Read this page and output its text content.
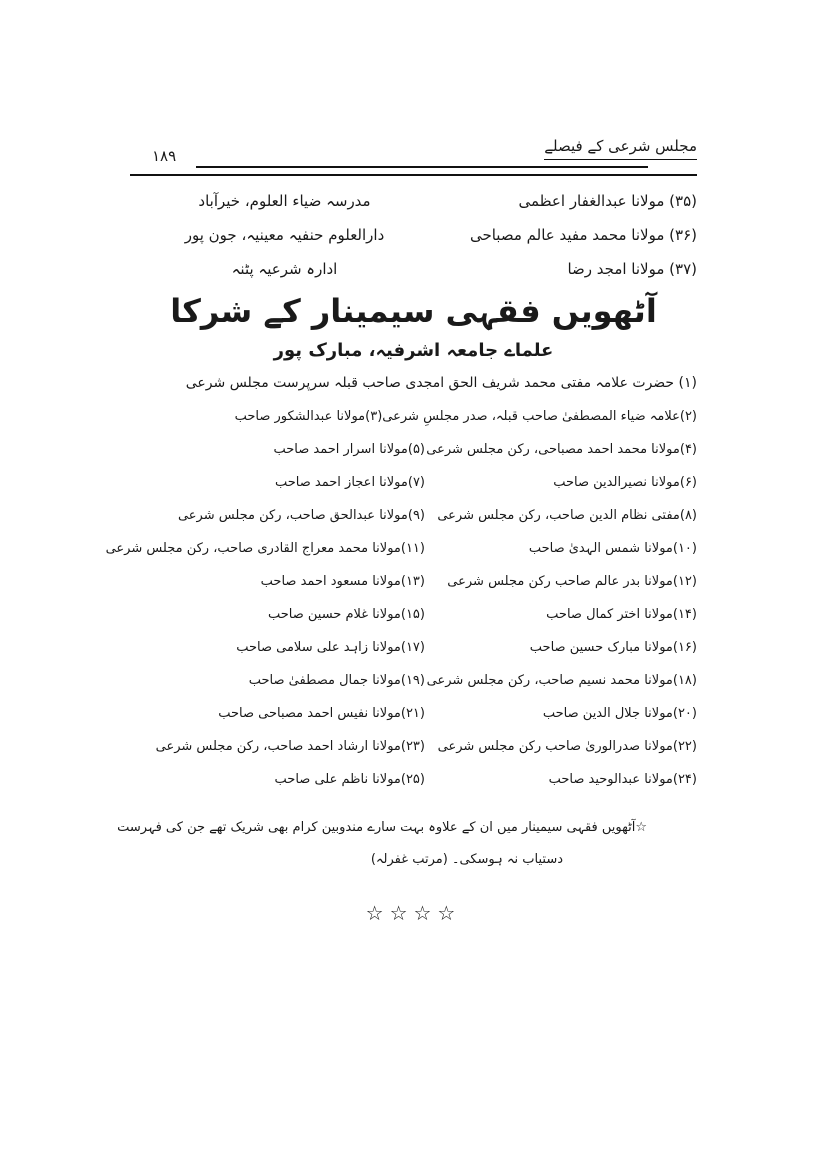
مجلس شرعی کے فیصلے
۱۸۹
(۳۵) مولانا عبدالغفار اعظمی
مدرسہ ضیاء العلوم، خیرآباد
(۳۶) مولانا محمد مفید عالم مصباحی
دارالعلوم حنفیہ معینیہ، جون پور
(۳۷) مولانا امجد رضا
ادارہ شرعیہ پٹنہ
آٹھویں فقہی سیمینار کے شرکا
علماے جامعہ اشرفیہ، مبارک پور
(۱) حضرت علامہ مفتی محمد شریف الحق امجدی صاحب قبلہ سرپرست مجلس شرعی
(۲)علامہ ضیاء المصطفیٰ صاحب قبلہ، صدر مجلسِ شرعی
(۳)مولانا عبدالشکور صاحب
(۴)مولانا محمد احمد مصباحی، رکن مجلس شرعی
(۵)مولانا اسرار احمد صاحب
(۶)مولانا نصیرالدین صاحب
(۷)مولانا اعجاز احمد صاحب
(۸)مفتی نظام الدین صاحب، رکن مجلس شرعی
(۹)مولانا عبدالحق صاحب، رکن مجلس شرعی
(۱۰)مولانا شمس الہدیٰ صاحب
(۱۱)مولانا محمد معراج القادری صاحب، رکن مجلس شرعی
(۱۲)مولانا بدر عالم صاحب رکن مجلس شرعی
(۱۳)مولانا مسعود احمد صاحب
(۱۴)مولانا اختر کمال صاحب
(۱۵)مولانا غلام حسین صاحب
(۱۶)مولانا مبارک حسین صاحب
(۱۷)مولانا زاہد علی سلامی صاحب
(۱۸)مولانا محمد نسیم صاحب، رکن مجلس شرعی
(۱۹)مولانا جمال مصطفیٰ صاحب
(۲۰)مولانا جلال الدین صاحب
(۲۱)مولانا نفیس احمد مصباحی صاحب
(۲۲)مولانا صدرالوریٰ صاحب رکن مجلس شرعی
(۲۳)مولانا ارشاد احمد صاحب، رکن مجلس شرعی
(۲۴)مولانا عبدالوحید صاحب
(۲۵)مولانا ناظم علی صاحب
☆آٹھویں فقہی سیمینار میں ان کے علاوہ بہت سارے مندوبین کرام بھی شریک تھے جن کی فہرست
دستیاب نہ ہوسکی۔ (مرتب غفرلہ)
☆☆☆☆
